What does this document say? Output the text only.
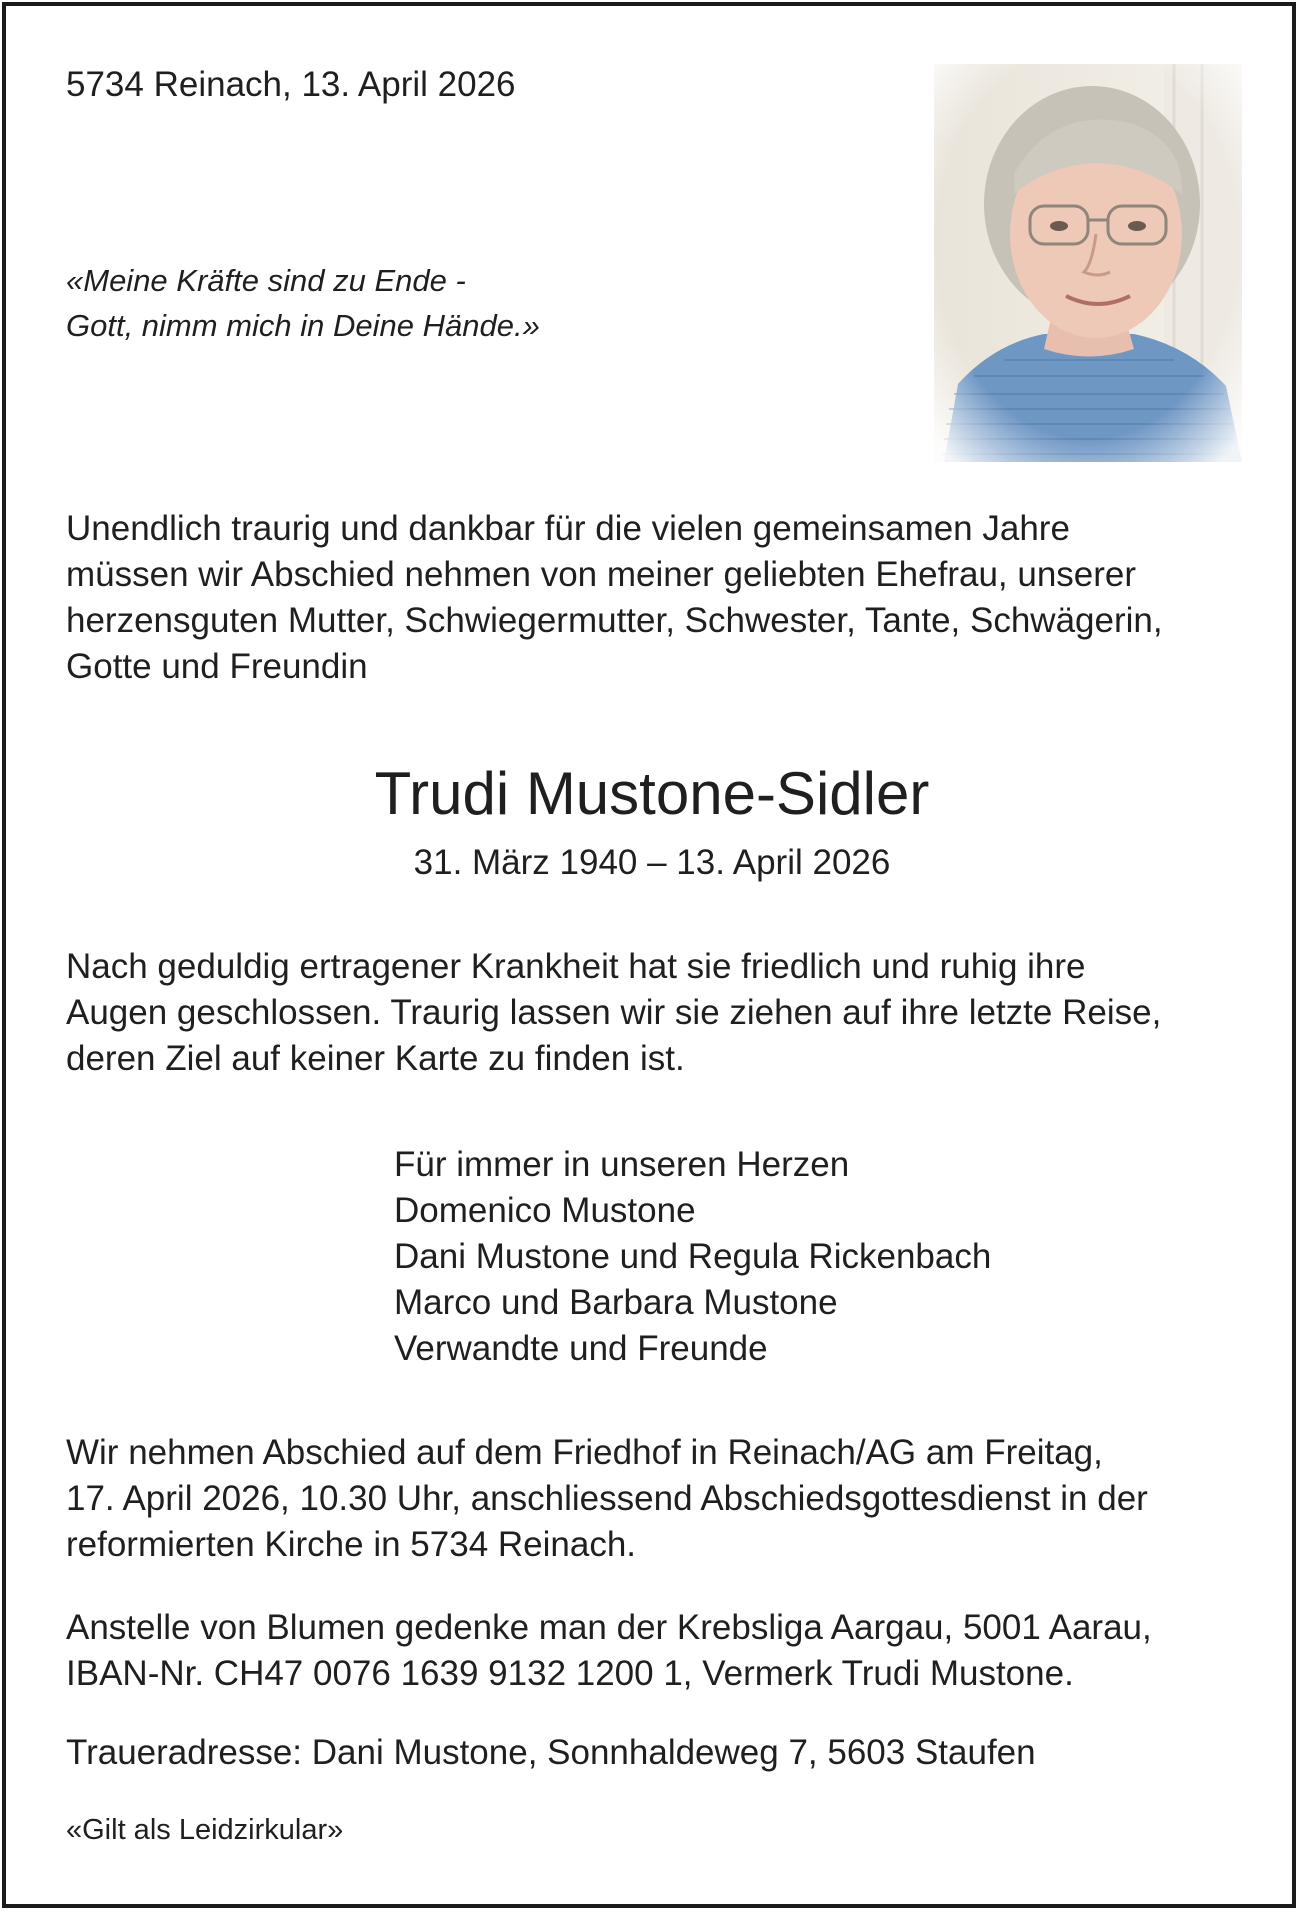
5734 Reinach, 13. April 2026
«Meine Kräfte sind zu Ende -
Gott, nimm mich in Deine Hände.»
Unendlich traurig und dankbar für die vielen gemeinsamen Jahre
müssen wir Abschied nehmen von meiner geliebten Ehefrau, unserer
herzensguten Mutter, Schwiegermutter, Schwester, Tante, Schwägerin,
Gotte und Freundin
Trudi Mustone-Sidler
31. März 1940 – 13. April 2026
Nach geduldig ertragener Krankheit hat sie friedlich und ruhig ihre
Augen geschlossen. Traurig lassen wir sie ziehen auf ihre letzte Reise,
deren Ziel auf keiner Karte zu finden ist.
Für immer in unseren Herzen
Domenico Mustone
Dani Mustone und Regula Rickenbach
Marco und Barbara Mustone
Verwandte und Freunde
Wir nehmen Abschied auf dem Friedhof in Reinach/AG am Freitag,
17. April 2026, 10.30 Uhr, anschliessend Abschiedsgottesdienst in der
reformierten Kirche in 5734 Reinach.
Anstelle von Blumen gedenke man der Krebsliga Aargau, 5001 Aarau,
IBAN-Nr. CH47 0076 1639 9132 1200 1, Vermerk Trudi Mustone.
Traueradresse: Dani Mustone, Sonnhaldeweg 7, 5603 Staufen
«Gilt als Leidzirkular»
